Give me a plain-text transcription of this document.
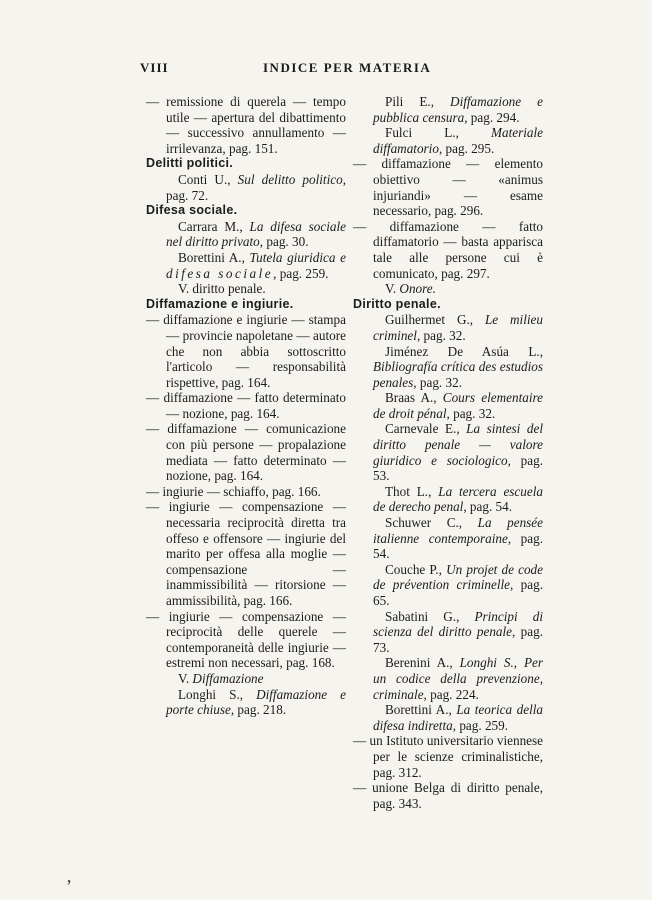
VIII	INDICE PER MATERIA
— remissione di querela — tempo utile — apertura del dibattimento — successivo annullamento — irrilevanza, pag. 151.
Delitti politici.
Conti U., Sul delitto politico, pag. 72.
Difesa sociale.
Carrara M., La difesa sociale nel diritto privato, pag. 30.
Borettini A., Tutela giuridica e difesa sociale, pag. 259.
V. diritto penale.
Diffamazione e ingiurie.
— diffamazione e ingiurie — stampa — provincie napoletane — autore che non abbia sottoscritto l'articolo — responsabilità rispettive, pag. 164.
— diffamazione — fatto determinato — nozione, pag. 164.
— diffamazione — comunicazione con più persone — propalazione mediata — fatto determinato — nozione, pag. 164.
— ingiurie — schiaffo, pag. 166.
— ingiurie — compensazione — necessaria reciprocità diretta tra offeso e offensore — ingiurie del marito per offesa alla moglie — compensazione — inammissibilità — ritorsione — ammissibilità, pag. 166.
— ingiurie — compensazione — reciprocità delle querele — contemporaneità delle ingiurie — estremi non necessari, pag. 168.
V. Diffamazione
Longhi S., Diffamazione e porte chiuse, pag. 218.
Pili E., Diffamazione e pubblica censura, pag. 294.
Fulci L., Materiale diffamatorio, pag. 295.
— diffamazione — elemento obiettivo — «animus injuriandi» — esame necessario, pag. 296.
— diffamazione — fatto diffamatorio — basta apparisca tale alle persone cui è comunicato, pag. 297.
V. Onore.
Diritto penale.
Guilhermet G., Le milieu criminel, pag. 32.
Jiménez De Asúa L., Bibliografía crítica des estudios penales, pag. 32.
Braas A., Cours elementaire de droit pénal, pag. 32.
Carnevale E., La sintesi del diritto penale — valore giuridico e sociologico, pag. 53.
Thot L., La tercera escuela de derecho penal, pag. 54.
Schuwer C., La pensée italienne contemporaine, pag. 54.
Couche P., Un projet de code de prévention criminelle, pag. 65.
Sabatini G., Principi di scienza del diritto penale, pag. 73.
Berenini A., Longhi S., Per un codice della prevenzione, criminale, pag. 224.
Borettini A., La teorica della difesa indiretta, pag. 259.
— un Istituto universitario viennese per le scienze criminalistiche, pag. 312.
— unione Belga di diritto penale, pag. 343.
‚
